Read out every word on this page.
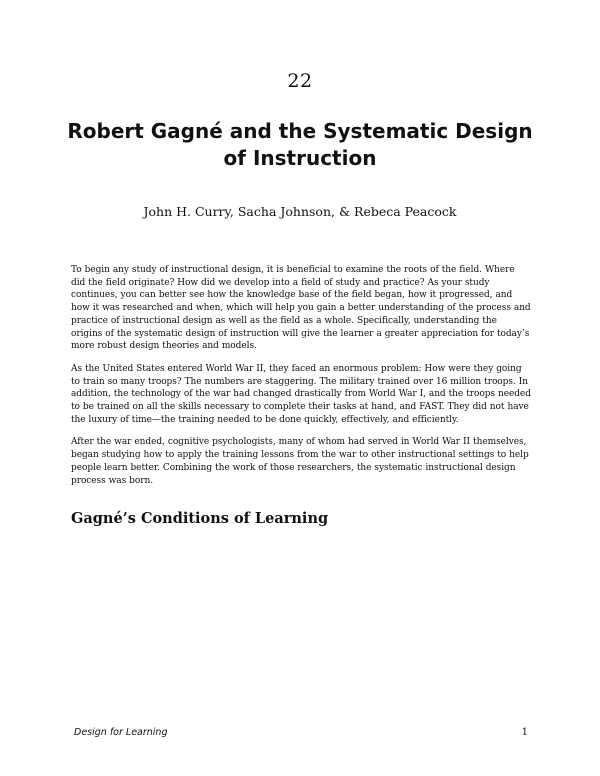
22
Robert Gagné and the Systematic Design of Instruction

John H. Curry, Sacha Johnson, & Rebeca Peacock

To begin any study of instructional design, it is beneficial to examine the roots of the field. Where did the field originate? How did we develop into a field of study and practice? As your study continues, you can better see how the knowledge base of the field began, how it progressed, and how it was researched and when, which will help you gain a better understanding of the process and practice of instructional design as well as the field as a whole. Specifically, understanding the origins of the systematic design of instruction will give the learner a greater appreciation for today’s more robust design theories and models.

As the United States entered World War II, they faced an enormous problem: How were they going to train so many troops? The numbers are staggering. The military trained over 16 million troops. In addition, the technology of the war had changed drastically from World War I, and the troops needed to be trained on all the skills necessary to complete their tasks at hand, and FAST. They did not have the luxury of time—the training needed to be done quickly, effectively, and efficiently.

After the war ended, cognitive psychologists, many of whom had served in World War II themselves, began studying how to apply the training lessons from the war to other instructional settings to help people learn better. Combining the work of those researchers, the systematic instructional design process was born.

Gagné’s Conditions of Learning

Design for Learning	1
